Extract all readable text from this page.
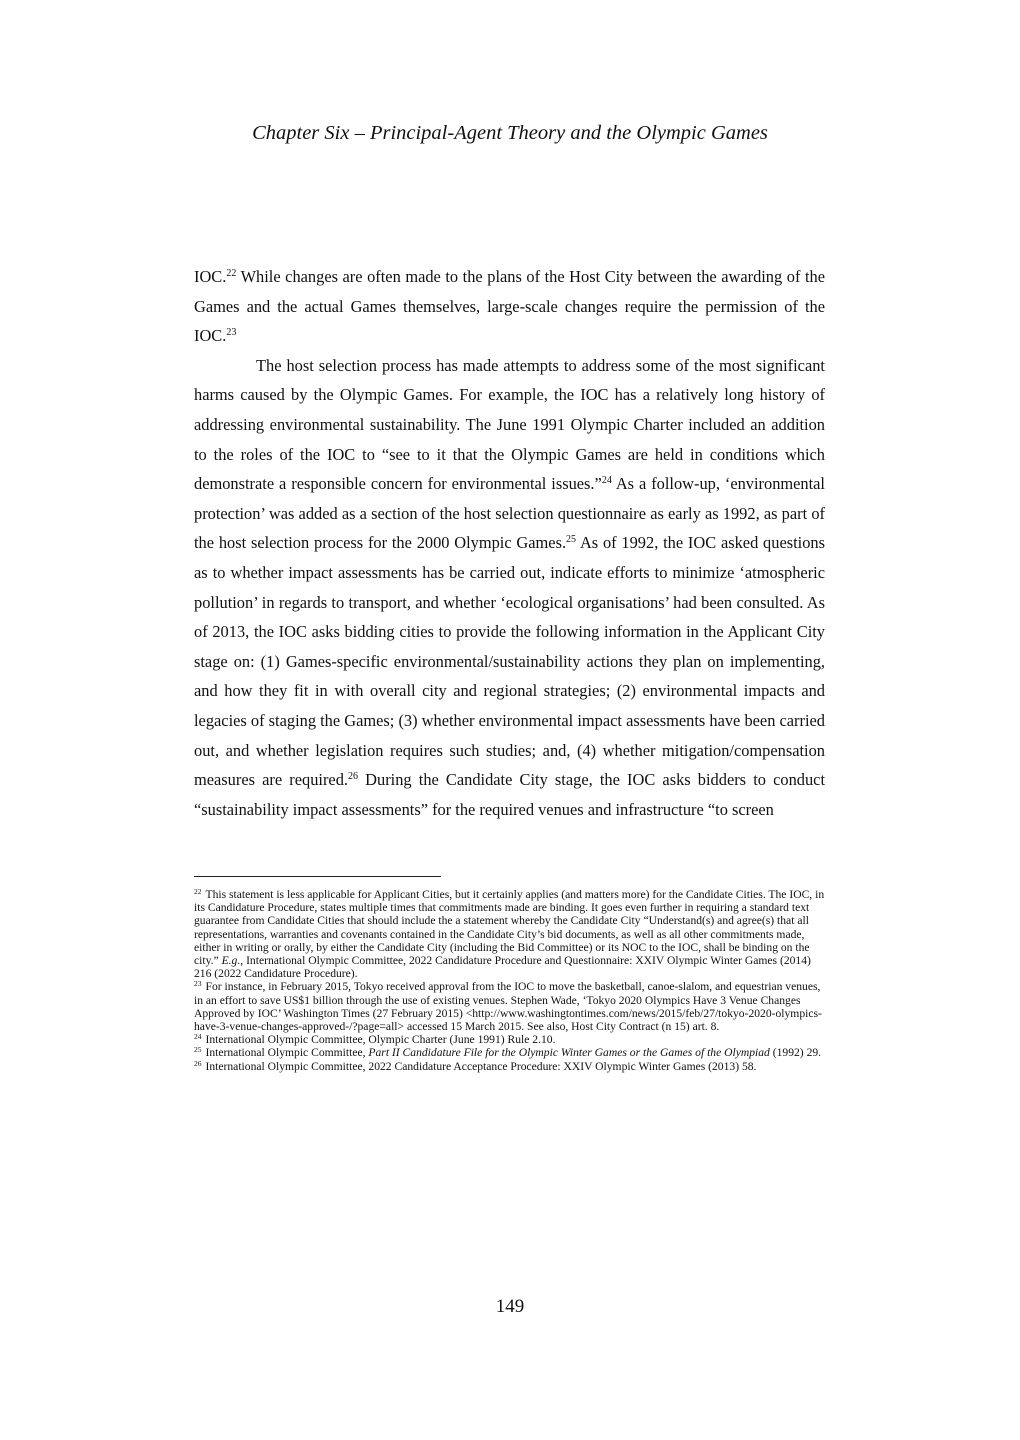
Chapter Six – Principal-Agent Theory and the Olympic Games

IOC.$^{22}$ While changes are often made to the plans of the Host City between the awarding of the Games and the actual Games themselves, large-scale changes require the permission of the IOC.$^{23}$

The host selection process has made attempts to address some of the most significant harms caused by the Olympic Games. For example, the IOC has a relatively long history of addressing environmental sustainability. The June 1991 Olympic Charter included an addition to the roles of the IOC to “see to it that the Olympic Games are held in conditions which demonstrate a responsible concern for environmental issues.”$^{24}$ As a follow-up, ‘environmental protection’ was added as a section of the host selection questionnaire as early as 1992, as part of the host selection process for the 2000 Olympic Games.$^{25}$ As of 1992, the IOC asked questions as to whether impact assessments has be carried out, indicate efforts to minimize ‘atmospheric pollution’ in regards to transport, and whether ‘ecological organisations’ had been consulted. As of 2013, the IOC asks bidding cities to provide the following information in the Applicant City stage on: (1) Games-specific environmental/sustainability actions they plan on implementing, and how they fit in with overall city and regional strategies; (2) environmental impacts and legacies of staging the Games; (3) whether environmental impact assessments have been carried out, and whether legislation requires such studies; and, (4) whether mitigation/compensation measures are required.$^{26}$ During the Candidate City stage, the IOC asks bidders to conduct “sustainability impact assessments” for the required venues and infrastructure “to screen

$^{22}$ This statement is less applicable for Applicant Cities, but it certainly applies (and matters more) for the Candidate Cities. The IOC, in its Candidature Procedure, states multiple times that commitments made are binding. It goes even further in requiring a standard text guarantee from Candidate Cities that should include the a statement whereby the Candidate City “Understand(s) and agree(s) that all representations, warranties and covenants contained in the Candidate City’s bid documents, as well as all other commitments made, either in writing or orally, by either the Candidate City (including the Bid Committee) or its NOC to the IOC, shall be binding on the city.” E.g., International Olympic Committee, 2022 Candidature Procedure and Questionnaire: XXIV Olympic Winter Games (2014) 216 (2022 Candidature Procedure).

$^{23}$ For instance, in February 2015, Tokyo received approval from the IOC to move the basketball, canoe-slalom, and equestrian venues, in an effort to save US$1 billion through the use of existing venues. Stephen Wade, ‘Tokyo 2020 Olympics Have 3 Venue Changes Approved by IOC’ Washington Times (27 February 2015) <http://www.washingtontimes.com/news/2015/feb/27/tokyo-2020-olympics-have-3-venue-changes-approved-/?page=all> accessed 15 March 2015. See also, Host City Contract (n 15) art. 8.

$^{24}$ International Olympic Committee, Olympic Charter (June 1991) Rule 2.10.

$^{25}$ International Olympic Committee, Part II Candidature File for the Olympic Winter Games or the Games of the Olympiad (1992) 29.

$^{26}$ International Olympic Committee, 2022 Candidature Acceptance Procedure: XXIV Olympic Winter Games (2013) 58.

149
